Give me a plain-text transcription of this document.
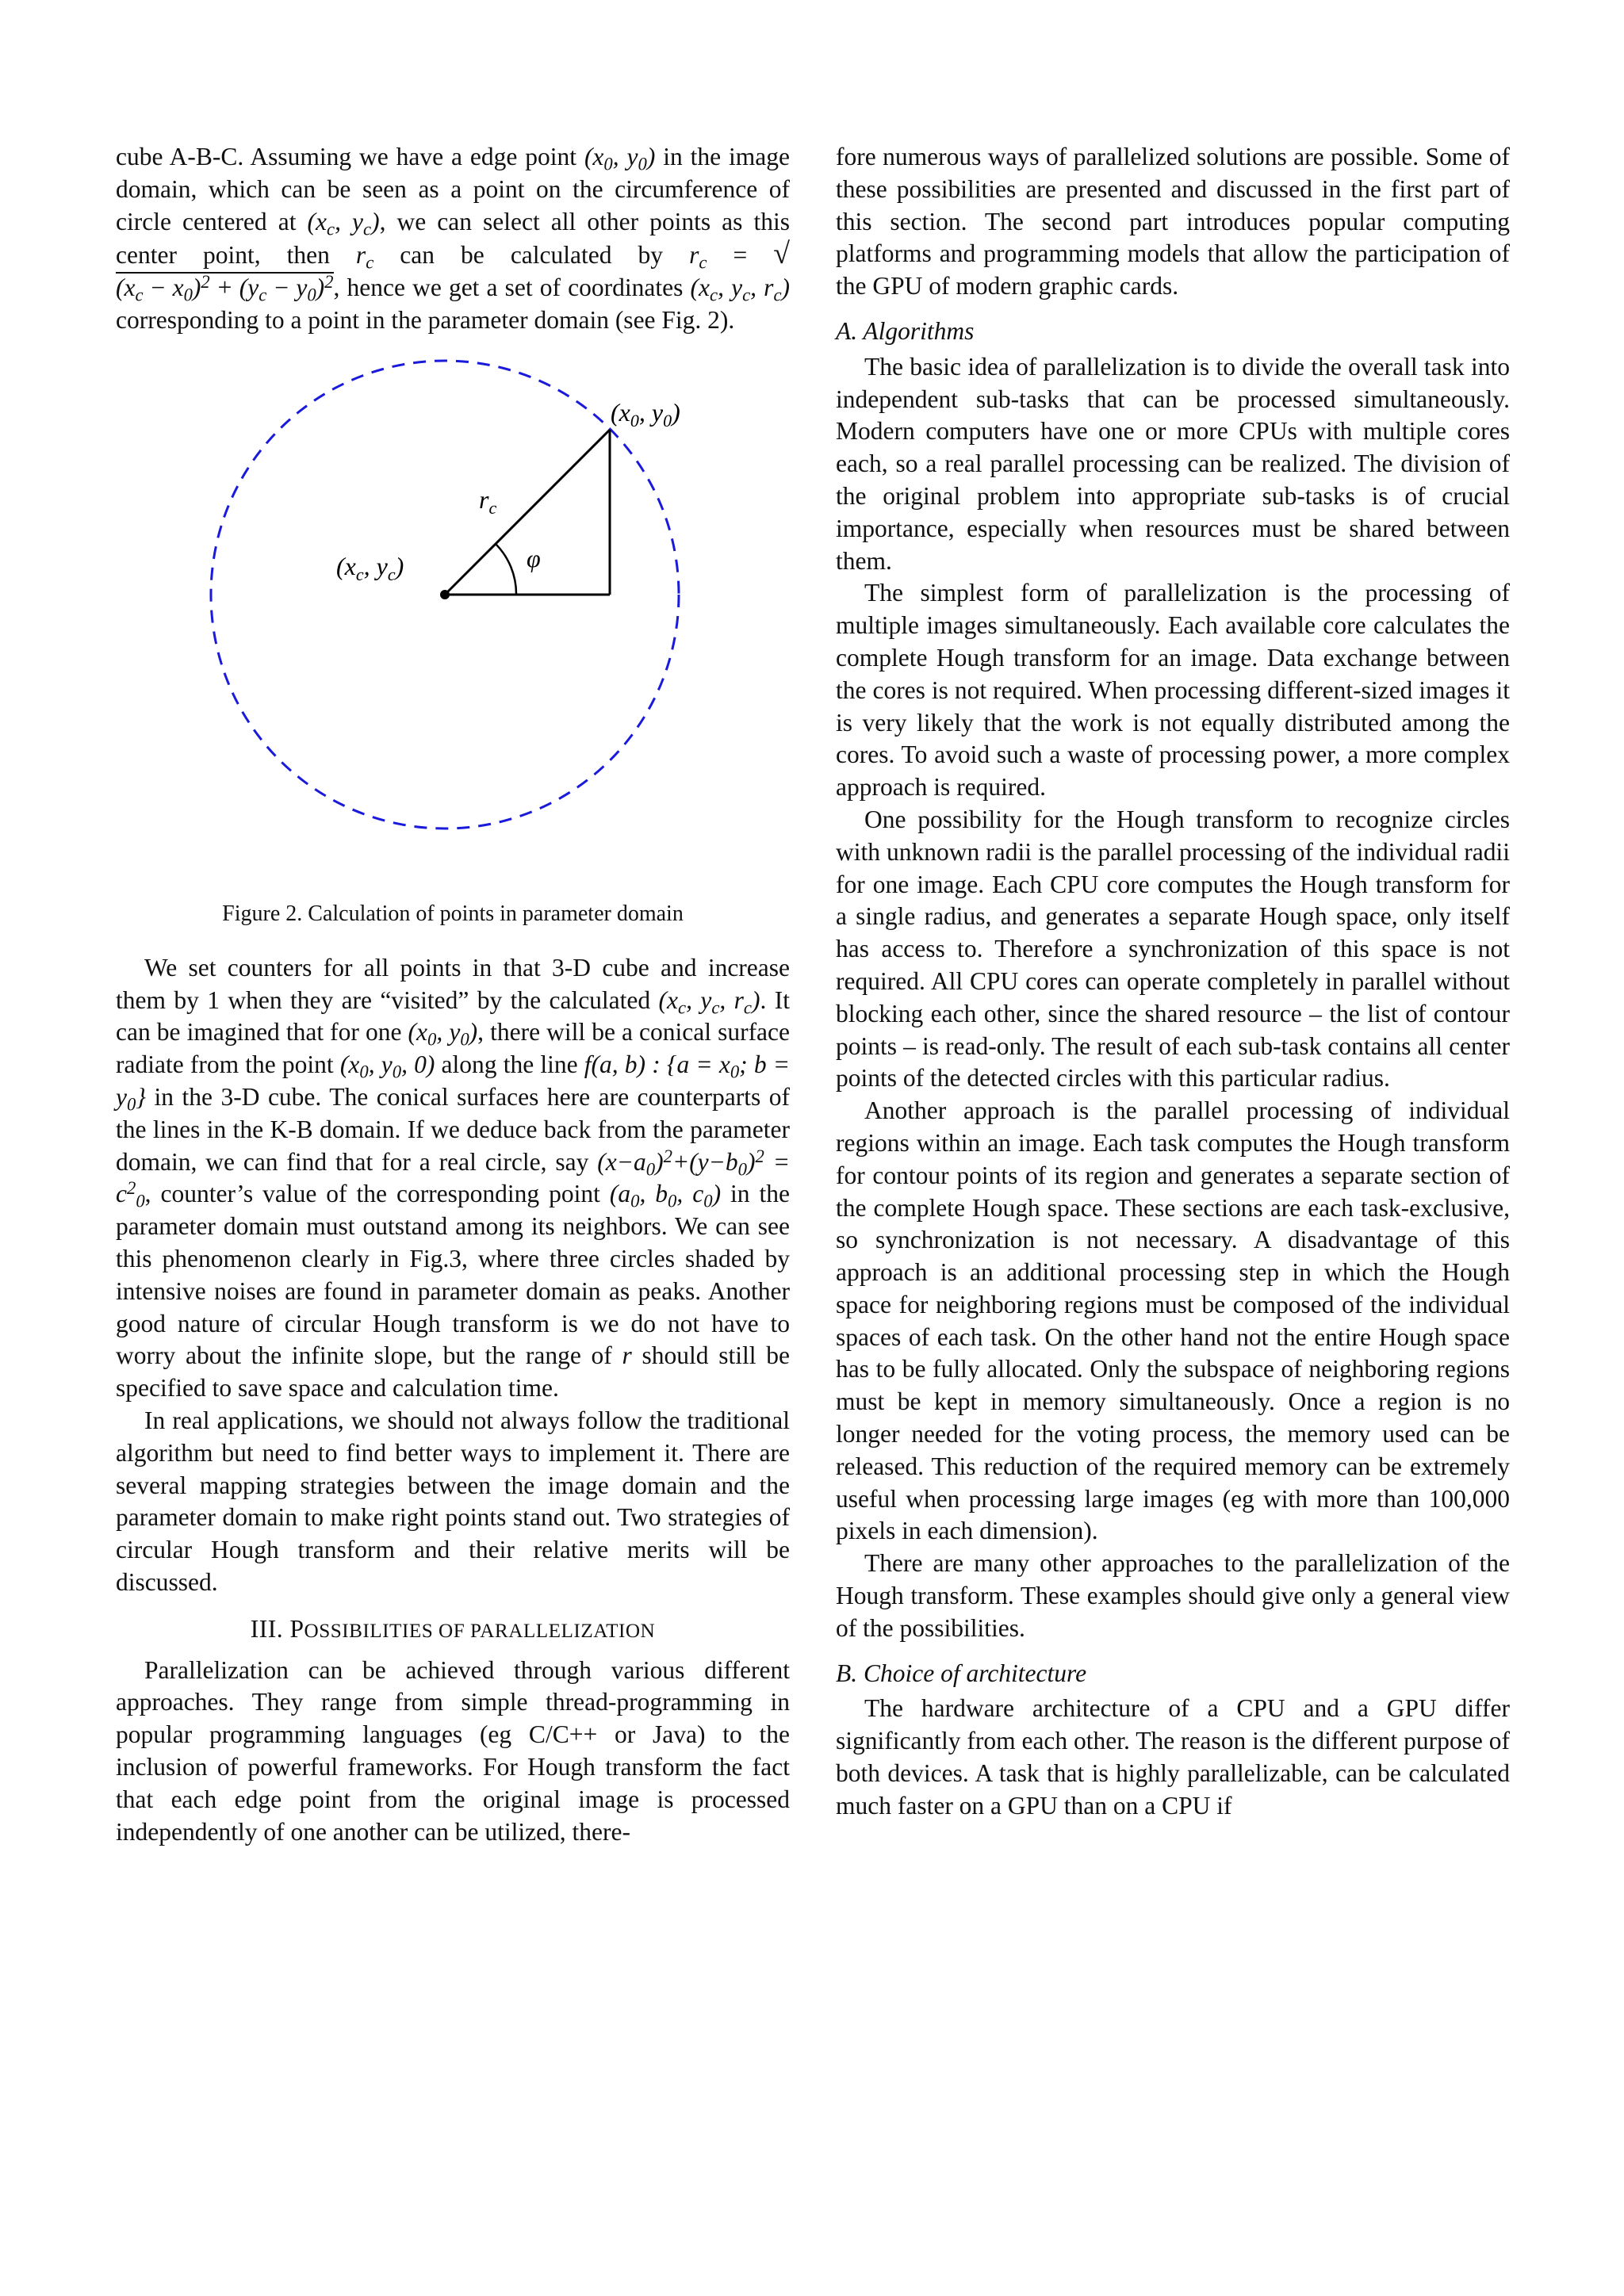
cube A-B-C. Assuming we have a edge point ($x_0$, $y_0$) in the image domain, which can be seen as a point on the circumference of circle centered at ($x_c$, $y_c$), we can select all other points as this center point, then $r_c$ can be calculated by $r_c = √(x_c - x_0)^2 + (y_c - y_0)^2$, hence we get a set of coordinates ($x_c$, $y_c$, $r_c$) corresponding to a point in the parameter domain (see Fig. 2).

($x_c$, $y_c$)
($x_0$, $y_0$)
$r_c$
φ

Figure 2. Calculation of points in parameter domain

We set counters for all points in that 3-D cube and increase them by 1 when they are “visited” by the calculated ($x_c$, $y_c$, $r_c$). It can be imagined that for one ($x_0$, $y_0$), there will be a conical surface radiate from the point ($x_0$, $y_0$, 0) along the line f(a, b) : {$a = x_0$; $b = y_0$} in the 3-D cube. The conical surfaces here are counterparts of the lines in the K-B domain. If we deduce back from the parameter domain, we can find that for a real circle, say $(x-a_0)^2+(y-b_0)^2 = c^2_0$, counter’s value of the corresponding point ($a_0$, $b_0$, $c_0$) in the parameter domain must outstand among its neighbors. We can see this phenomenon clearly in Fig.3, where three circles shaded by intensive noises are found in parameter domain as peaks. Another good nature of circular Hough transform is we do not have to worry about the infinite slope, but the range of r should still be specified to save space and calculation time.

In real applications, we should not always follow the traditional algorithm but need to find better ways to implement it. There are several mapping strategies between the image domain and the parameter domain to make right points stand out. Two strategies of circular Hough transform and their relative merits will be discussed.

III. POSSIBILITIES OF PARALLELIZATION

Parallelization can be achieved through various different approaches. They range from simple thread-programming in popular programming languages (eg C/C++ or Java) to the inclusion of powerful frameworks. For Hough transform the fact that each edge point from the original image is processed independently of one another can be utilized, there-

fore numerous ways of parallelized solutions are possible. Some of these possibilities are presented and discussed in the first part of this section. The second part introduces popular computing platforms and programming models that allow the participation of the GPU of modern graphic cards.

A. Algorithms

The basic idea of parallelization is to divide the overall task into independent sub-tasks that can be processed simultaneously. Modern computers have one or more CPUs with multiple cores each, so a real parallel processing can be realized. The division of the original problem into appropriate sub-tasks is of crucial importance, especially when resources must be shared between them.

The simplest form of parallelization is the processing of multiple images simultaneously. Each available core calculates the complete Hough transform for an image. Data exchange between the cores is not required. When processing different-sized images it is very likely that the work is not equally distributed among the cores. To avoid such a waste of processing power, a more complex approach is required.

One possibility for the Hough transform to recognize circles with unknown radii is the parallel processing of the individual radii for one image. Each CPU core computes the Hough transform for a single radius, and generates a separate Hough space, only itself has access to. Therefore a synchronization of this space is not required. All CPU cores can operate completely in parallel without blocking each other, since the shared resource – the list of contour points – is read-only. The result of each sub-task contains all center points of the detected circles with this particular radius.

Another approach is the parallel processing of individual regions within an image. Each task computes the Hough transform for contour points of its region and generates a separate section of the complete Hough space. These sections are each task-exclusive, so synchronization is not necessary. A disadvantage of this approach is an additional processing step in which the Hough space for neighboring regions must be composed of the individual spaces of each task. On the other hand not the entire Hough space has to be fully allocated. Only the subspace of neighboring regions must be kept in memory simultaneously. Once a region is no longer needed for the voting process, the memory used can be released. This reduction of the required memory can be extremely useful when processing large images (eg with more than 100,000 pixels in each dimension).

There are many other approaches to the parallelization of the Hough transform. These examples should give only a general view of the possibilities.

B. Choice of architecture

The hardware architecture of a CPU and a GPU differ significantly from each other. The reason is the different purpose of both devices. A task that is highly parallelizable, can be calculated much faster on a GPU than on a CPU if
